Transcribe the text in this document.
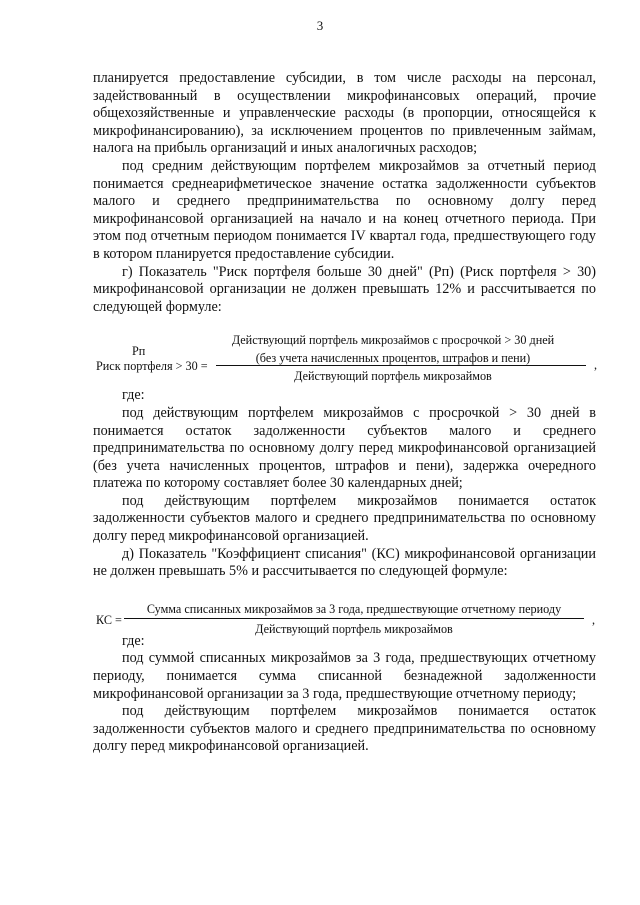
3

планируется предоставление субсидии, в том числе расходы на персонал, задействованный в осуществлении микрофинансовых операций, прочие общехозяйственные и управленческие расходы (в пропорции, относящейся к микрофинансированию), за исключением процентов по привлеченным займам, налога на прибыль организаций и иных аналогичных расходов;

под средним действующим портфелем микрозаймов за отчетный период понимается среднеарифметическое значение остатка задолженности субъектов малого и среднего предпринимательства по основному долгу перед микрофинансовой организацией на начало и на конец отчетного периода. При этом под отчетным периодом понимается IV квартал года, предшествующего году в котором планируется предоставление субсидии.

г) Показатель "Риск портфеля больше 30 дней" (Рп) (Риск портфеля > 30) микрофинансовой организации не должен превышать 12% и рассчитывается по следующей формуле:

Рп
Риск портфеля > 30 =
Действующий портфель микрозаймов с просрочкой > 30 дней
(без учета начисленных процентов, штрафов и пени)
Действующий портфель микрозаймов
,

где:

под действующим портфелем микрозаймов с просрочкой > 30 дней в понимается остаток задолженности субъектов малого и среднего предпринимательства по основному долгу перед микрофинансовой организацией (без учета начисленных процентов, штрафов и пени), задержка очередного платежа по которому составляет более 30 календарных дней;

под действующим портфелем микрозаймов понимается остаток задолженности субъектов малого и среднего предпринимательства по основному долгу перед микрофинансовой организацией.

д) Показатель "Коэффициент списания" (КС) микрофинансовой организации не должен превышать 5% и рассчитывается по следующей формуле:

КС =
Сумма списанных микрозаймов за 3 года, предшествующие отчетному периоду
Действующий портфель микрозаймов
,

где:

под суммой списанных микрозаймов за 3 года, предшествующих отчетному периоду, понимается сумма списанной безнадежной задолженности микрофинансовой организации за 3 года, предшествующие отчетному периоду;

под действующим портфелем микрозаймов понимается остаток задолженности субъектов малого и среднего предпринимательства по основному долгу перед микрофинансовой организацией.
